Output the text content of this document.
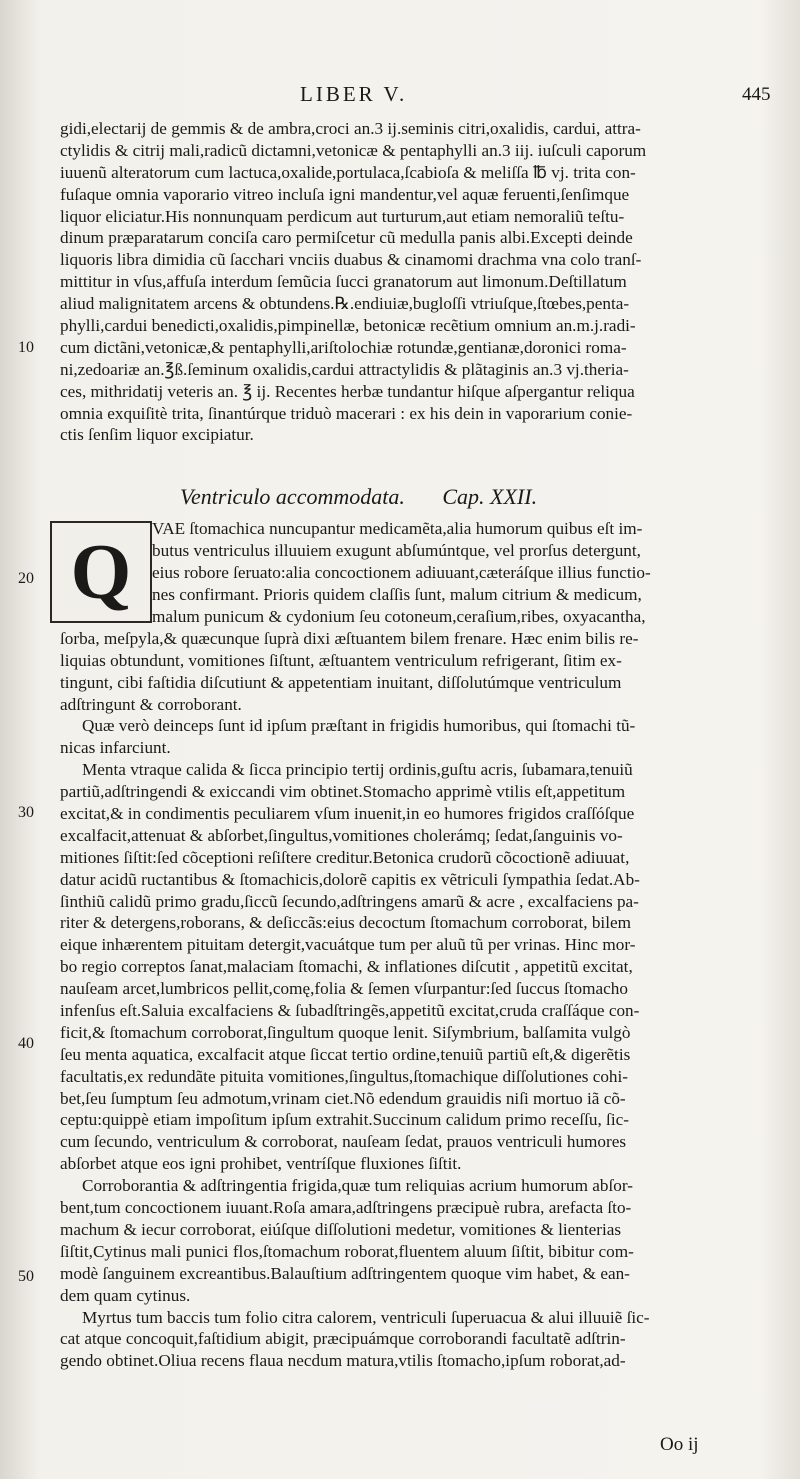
LIBER V.	445
gidi,electarij de gemmis & de ambra,croci an.3 ij.seminis citri,oxalidis, cardui, attra-
ctylidis & citrij mali,radicũ dictamni,vetonicæ & pentaphylli an.3 iij. iuſculi caporum
iuuenũ alteratorum cum lactuca,oxalide,portulaca,ſcabioſa & meliſſa ℔ vj. trita con-
fuſaque omnia vaporario vitreo incluſa igni mandentur,vel aquæ feruenti,ſenſimque
liquor eliciatur.His nonnunquam perdicum aut turturum,aut etiam nemoraliũ teſtu-
dinum præparatarum conciſa caro permiſcetur cũ medulla panis albi.Excepti deinde
liquoris libra dimidia cũ ſacchari vnciis duabus & cinamomi drachma vna colo tranſ-
mittitur in vſus,affuſa interdum ſemũcia ſucci granatorum aut limonum.Deſtillatum
aliud malignitatem arcens & obtundens.℞.endiuiæ,bugloſſi vtriuſque,ſtœbes,penta-
phylli,cardui benedicti,oxalidis,pimpinellæ, betonicæ recẽtium omnium an.m.j.radi-
cum dictãni,vetonicæ,& pentaphylli,ariſtolochiæ rotundæ,gentianæ,doronici roma-
ni,zedoariæ an.℥ß.ſeminum oxalidis,cardui attractylidis & plãtaginis an.3 vj.theria-
ces, mithridatij veteris an. ℥ ij. Recentes herbæ tundantur hiſque aſpergantur reliqua
omnia exquiſitè trita, ſinantúrque triduò macerari : ex his dein in vaporarium conie-
ctis ſenſim liquor excipiatur.
10
Ventriculo accommodata. Cap. XXII.
Q
20
VAE ſtomachica nuncupantur medicamẽta,alia humorum quibus eſt im-
butus ventriculus illuuiem exugunt abſumúntque, vel prorſus detergunt,
eius robore ſeruato:alia concoctionem adiuuant,cæteráſque illius functio-
nes confirmant. Prioris quidem claſſis ſunt, malum citrium & medicum,
malum punicum & cydonium ſeu cotoneum,ceraſium,ribes, oxyacantha,
ſorba, meſpyla,& quæcunque ſuprà dixi æſtuantem bilem frenare. Hæc enim bilis re-
liquias obtundunt, vomitiones ſiſtunt, æſtuantem ventriculum refrigerant, ſitim ex-
tingunt, cibi faſtidia diſcutiunt & appetentiam inuitant, diſſolutúmque ventriculum
adſtringunt & corroborant.
Quæ verò deinceps ſunt id ipſum præſtant in frigidis humoribus, qui ſtomachi tũ-
nicas infarciunt.
Menta vtraque calida & ſicca principio tertij ordinis,guſtu acris, ſubamara,tenuiũ
partiũ,adſtringendi & exiccandi vim obtinet.Stomacho apprimè vtilis eſt,appetitum
excitat,& in condimentis peculiarem vſum inuenit,in eo humores frigidos craſſóſque
excalfacit,attenuat & abſorbet,ſingultus,vomitiones cholerámq; ſedat,ſanguinis vo-
mitiones ſiſtit:ſed cõceptioni reſiſtere creditur.Betonica crudorũ cõcoctionẽ adiuuat,
datur acidũ ructantibus & ſtomachicis,dolorẽ capitis ex vẽtriculi ſympathia ſedat.Ab-
ſinthiũ calidũ primo gradu,ſiccũ ſecundo,adſtringens amarũ & acre , excalfaciens pa-
riter & detergens,roborans, & deſiccãs:eius decoctum ſtomachum corroborat, bilem
eique inhærentem pituitam detergit,vacuátque tum per aluũ tũ per vrinas. Hinc mor-
bo regio correptos ſanat,malaciam ſtomachi, & inflationes diſcutit , appetitũ excitat,
nauſeam arcet,lumbricos pellit,comę,folia & ſemen vſurpantur:ſed ſuccus ſtomacho
infenſus eſt.Saluia excalfaciens & ſubadſtringẽs,appetitũ excitat,cruda craſſáque con-
ficit,& ſtomachum corroborat,ſingultum quoque lenit. Siſymbrium, balſamita vulgò
ſeu menta aquatica, excalfacit atque ſiccat tertio ordine,tenuiũ partiũ eſt,& digerẽtis
facultatis,ex redundãte pituita vomitiones,ſingultus,ſtomachique diſſolutiones cohi-
bet,ſeu ſumptum ſeu admotum,vrinam ciet.Nõ edendum grauidis niſi mortuo iã cõ-
ceptu:quippè etiam impoſitum ipſum extrahit.Succinum calidum primo receſſu, ſic-
cum ſecundo, ventriculum & corroborat, nauſeam ſedat, prauos ventriculi humores
abſorbet atque eos igni prohibet, ventríſque fluxiones ſiſtit.
Corroborantia & adſtringentia frigida,quæ tum reliquias acrium humorum abſor-
bent,tum concoctionem iuuant.Roſa amara,adſtringens præcipuè rubra, arefacta ſto-
machum & iecur corroborat, eiúſque diſſolutioni medetur, vomitiones & lienterias
ſiſtit,Cytinus mali punici flos,ſtomachum roborat,fluentem aluum ſiſtit, bibitur com-
modè ſanguinem excreantibus.Balauſtium adſtringentem quoque vim habet, & ean-
dem quam cytinus.
Myrtus tum baccis tum folio citra calorem, ventriculi ſuperuacua & alui illuuiẽ ſic-
cat atque concoquit,faſtidium abigit, præcipuámque corroborandi facultatẽ adſtrin-
gendo obtinet.Oliua recens flaua necdum matura,vtilis ſtomacho,ipſum roborat,ad-
30
40
50
Oo ij
